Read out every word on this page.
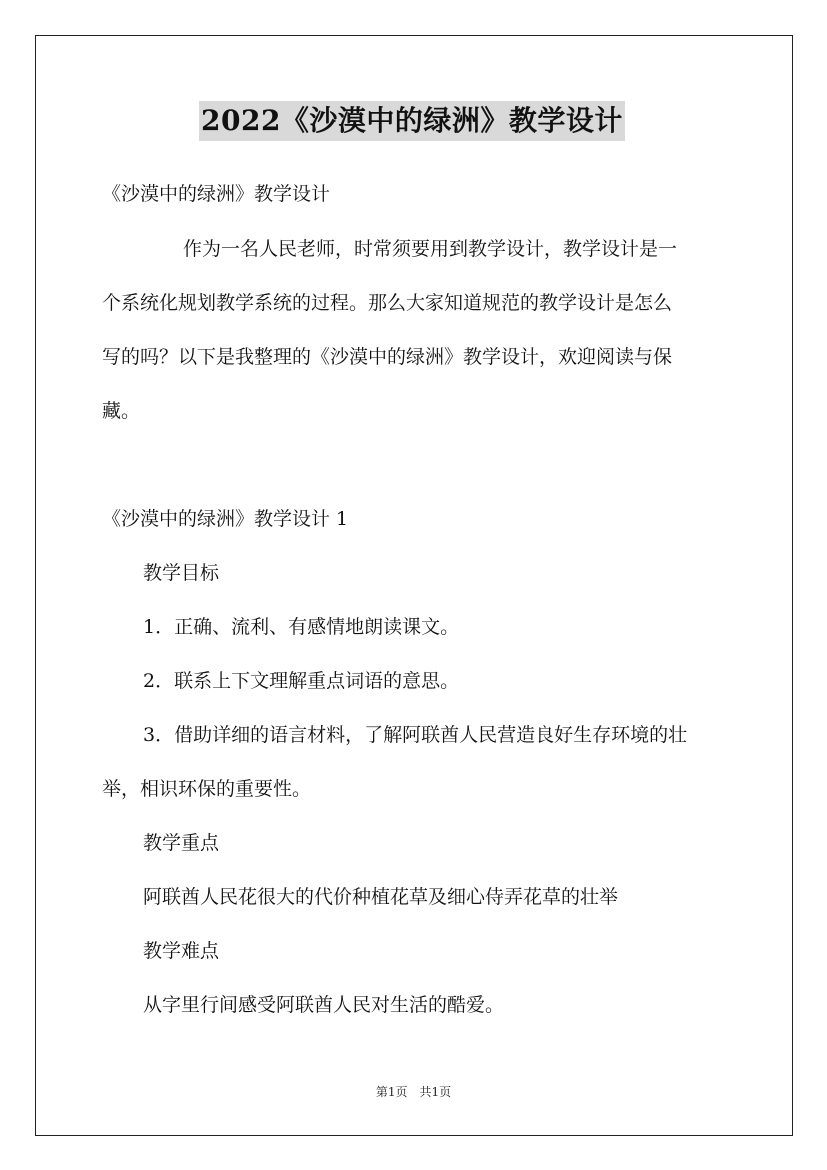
2022《沙漠中的绿洲》教学设计
《沙漠中的绿洲》教学设计
作为一名人民老师，时常须要用到教学设计，教学设计是一
个系统化规划教学系统的过程。那么大家知道规范的教学设计是怎么
写的吗？以下是我整理的《沙漠中的绿洲》教学设计，欢迎阅读与保
藏。
《沙漠中的绿洲》教学设计 1
教学目标
1．正确、流利、有感情地朗读课文。
2．联系上下文理解重点词语的意思。
3．借助详细的语言材料，了解阿联酋人民营造良好生存环境的壮
举，相识环保的重要性。
教学重点
阿联酋人民花很大的代价种植花草及细心侍弄花草的壮举
教学难点
从字里行间感受阿联酋人民对生活的酷爱。
第1页　共1页
